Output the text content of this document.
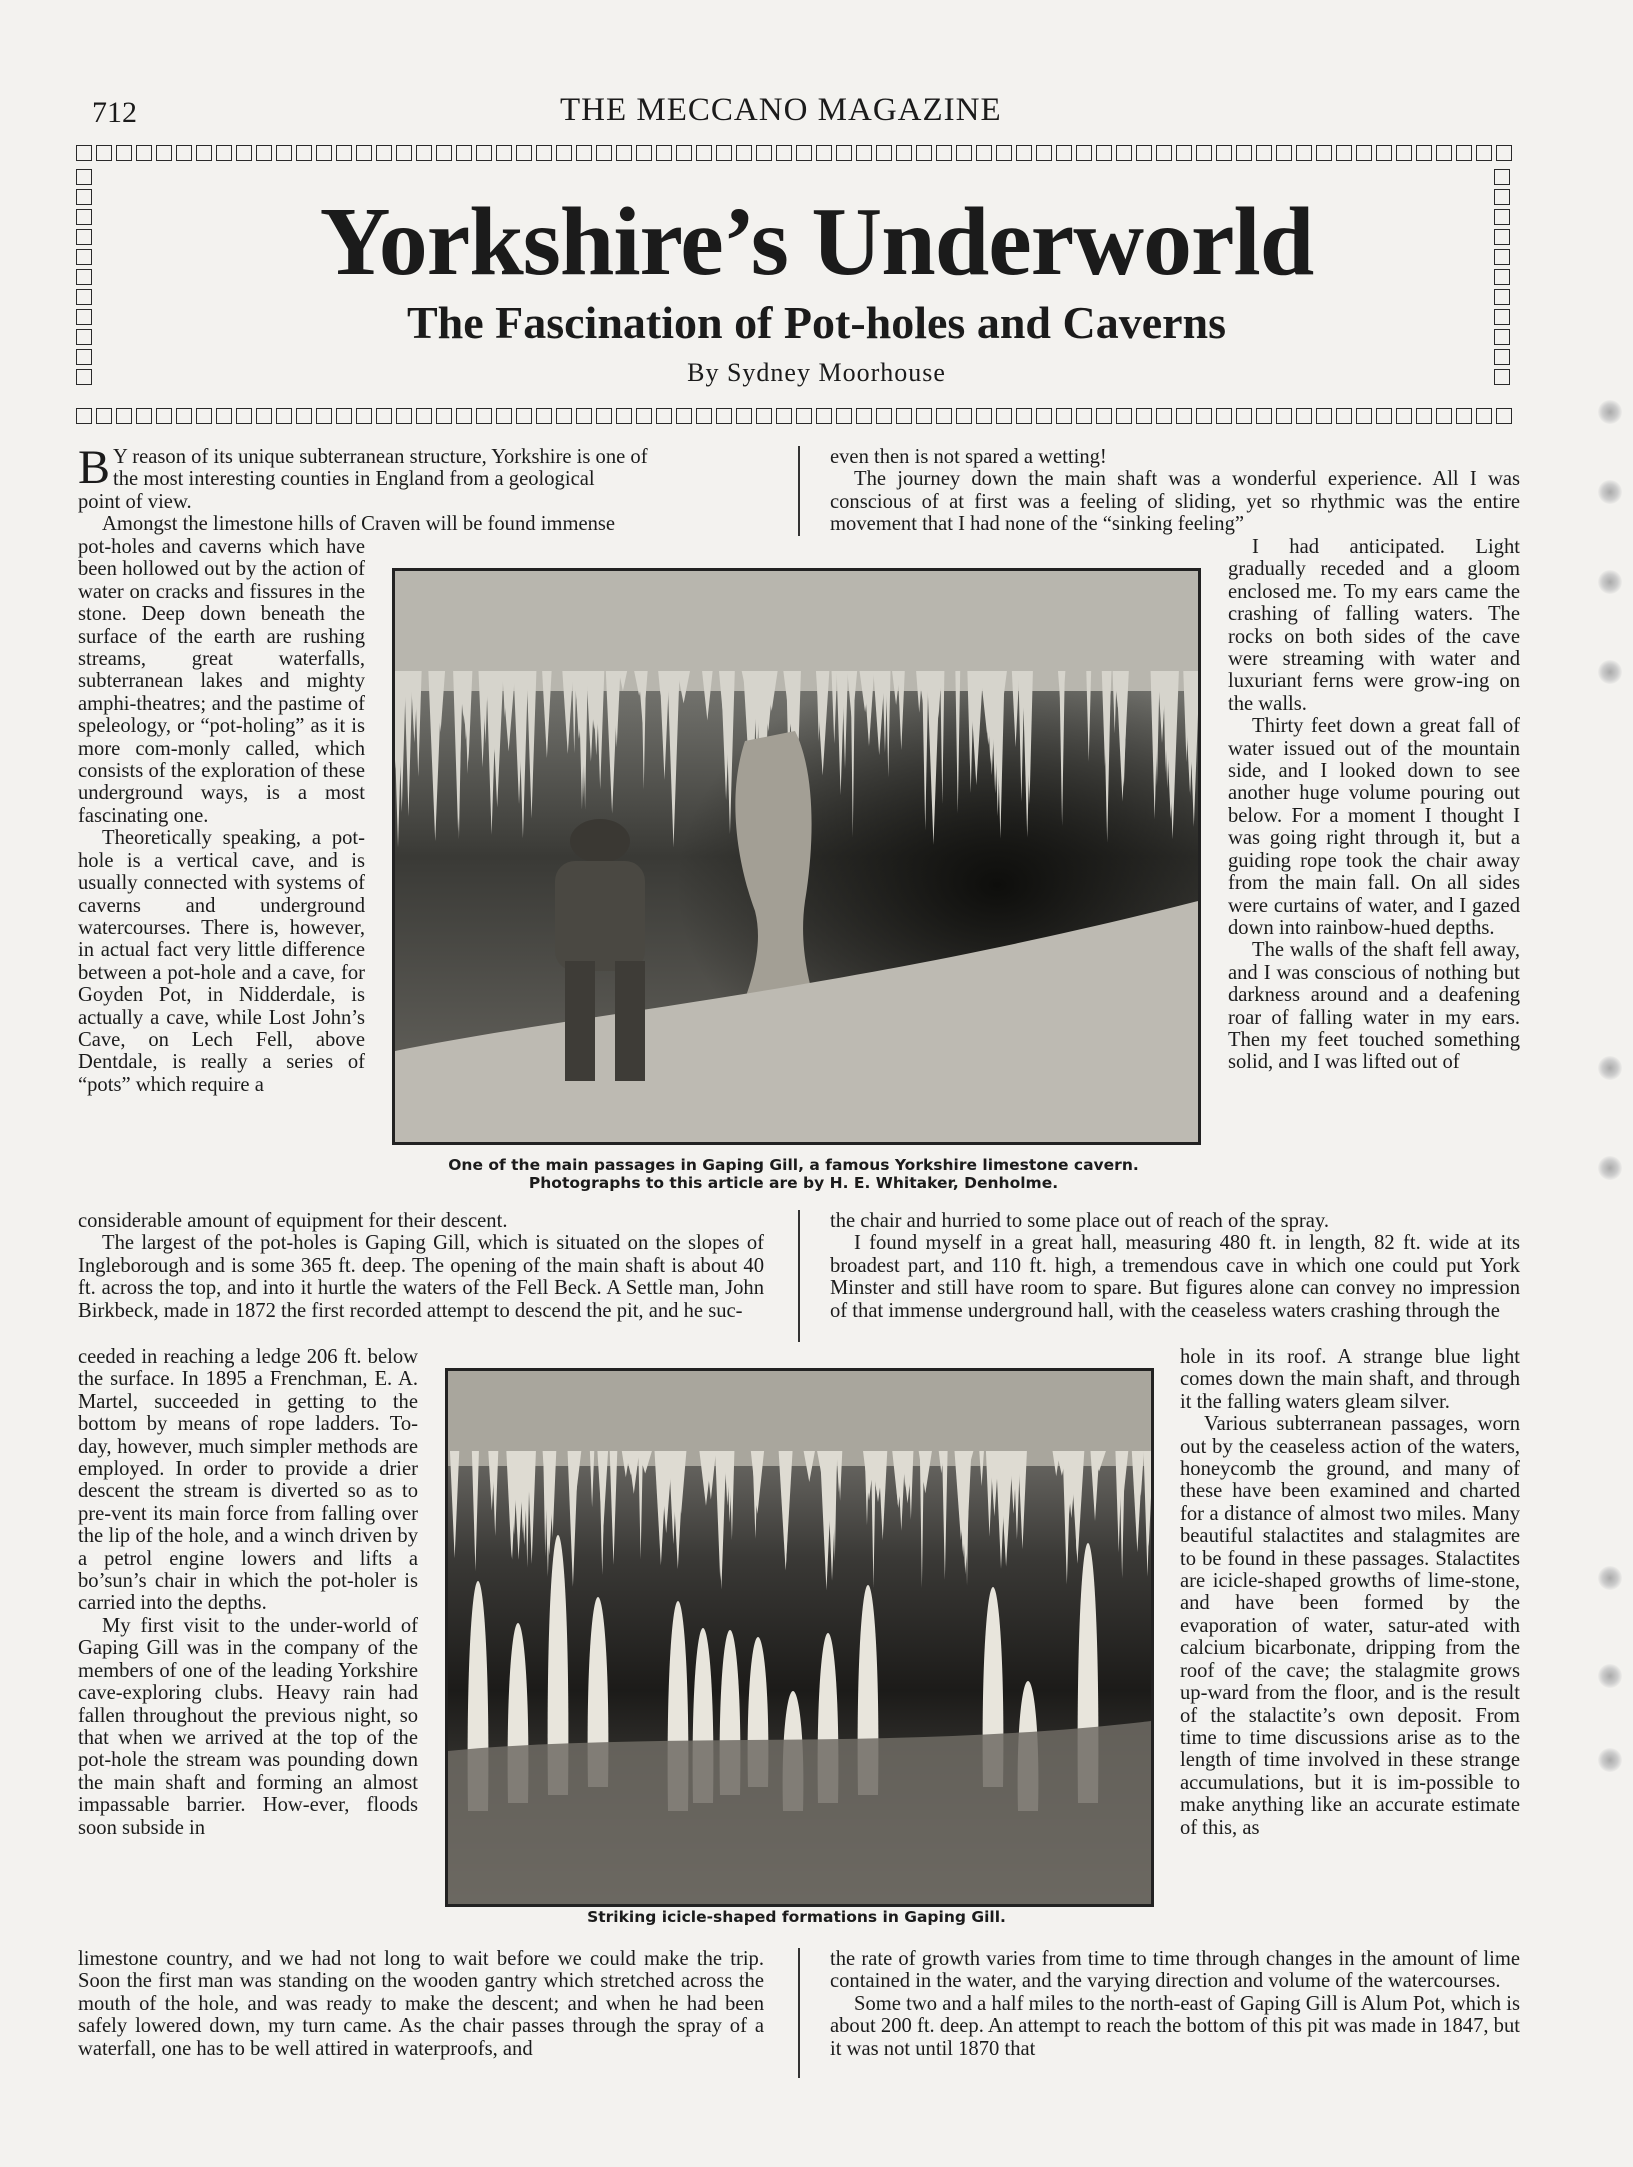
712	THE MECCANO MAGAZINE
Yorkshire’s Underworld
The Fascination of Pot-holes and Caverns
By Sydney Moorhouse
B Y reason of its unique subterranean structure, Yorkshire is one of
the most interesting counties in England from a geological
point of view.
Amongst the limestone hills of Craven will be found immense

pot-holes and caverns which have been hollowed out by the action of water on cracks and fissures in the stone. Deep down beneath the surface of the earth are rushing streams, great waterfalls, subterranean lakes and mighty amphi-theatres; and the pastime of speleology, or “pot-holing” as it is more com-monly called, which consists of the exploration of these underground ways, is a most fascinating one.

Theoretically speaking, a pot-hole is a vertical cave, and is usually connected with systems of caverns and underground watercourses. There is, however, in actual fact very little difference between a pot-hole and a cave, for Goyden Pot, in Nidderdale, is actually a cave, while Lost John’s Cave, on Lech Fell, above Dentdale, is really a series of “pots” which require a

considerable amount of equipment for their descent.

The largest of the pot-holes is Gaping Gill, which is situated on the slopes of Ingleborough and is some 365 ft. deep. The opening of the main shaft is about 40 ft. across the top, and into it hurtle the waters of the Fell Beck. A Settle man, John Birkbeck, made in 1872 the first recorded attempt to descend the pit, and he suc-

ceeded in reaching a ledge 206 ft. below the surface. In 1895 a Frenchman, E. A. Martel, succeeded in getting to the bottom by means of rope ladders. To-day, however, much simpler methods are employed. In order to provide a drier descent the stream is diverted so as to pre-vent its main force from falling over the lip of the hole, and a winch driven by a petrol engine lowers and lifts a bo’sun’s chair in which the pot-holer is carried into the depths.

My first visit to the under-world of Gaping Gill was in the company of the members of one of the leading Yorkshire cave-exploring clubs. Heavy rain had fallen throughout the previous night, so that when we arrived at the top of the pot-hole the stream was pounding down the main shaft and forming an almost impassable barrier. How-ever, floods soon subside in

limestone country, and we had not long to wait before we could make the trip. Soon the first man was standing on the wooden gantry which stretched across the mouth of the hole, and was ready to make the descent; and when he had been safely lowered down, my turn came. As the chair passes through the spray of a waterfall, one has to be well attired in waterproofs, and

even then is not spared a wetting!

The journey down the main shaft was a wonderful experience. All I was conscious of at first was a feeling of sliding, yet so rhythmic was the entire movement that I had none of the “sinking feeling”

I had anticipated. Light gradually receded and a gloom enclosed me. To my ears came the crashing of falling waters. The rocks on both sides of the cave were streaming with water and luxuriant ferns were grow-ing on the walls.

Thirty feet down a great fall of water issued out of the mountain side, and I looked down to see another huge volume pouring out below. For a moment I thought I was going right through it, but a guiding rope took the chair away from the main fall. On all sides were curtains of water, and I gazed down into rainbow-hued depths.

The walls of the shaft fell away, and I was conscious of nothing but darkness around and a deafening roar of falling water in my ears. Then my feet touched something solid, and I was lifted out of

the chair and hurried to some place out of reach of the spray.

I found myself in a great hall, measuring 480 ft. in length, 82 ft. wide at its broadest part, and 110 ft. high, a tremendous cave in which one could put York Minster and still have room to spare. But figures alone can convey no impression of that immense underground hall, with the ceaseless waters crashing through the

hole in its roof. A strange blue light comes down the main shaft, and through it the falling waters gleam silver.

Various subterranean passages, worn out by the ceaseless action of the waters, honeycomb the ground, and many of these have been examined and charted for a distance of almost two miles. Many beautiful stalactites and stalagmites are to be found in these passages. Stalactites are icicle-shaped growths of lime-stone, and have been formed by the evaporation of water, satur-ated with calcium bicarbonate, dripping from the roof of the cave; the stalagmite grows up-ward from the floor, and is the result of the stalactite’s own deposit. From time to time discussions arise as to the length of time involved in these strange accumulations, but it is im-possible to make anything like an accurate estimate of this, as

the rate of growth varies from time to time through changes in the amount of lime contained in the water, and the varying direction and volume of the watercourses.

Some two and a half miles to the north-east of Gaping Gill is Alum Pot, which is about 200 ft. deep. An attempt to reach the bottom of this pit was made in 1847, but it was not until 1870 that

One of the main passages in Gaping Gill, a famous Yorkshire limestone cavern. Photographs to this article are by H. E. Whitaker, Denholme.
Striking icicle-shaped formations in Gaping Gill.
